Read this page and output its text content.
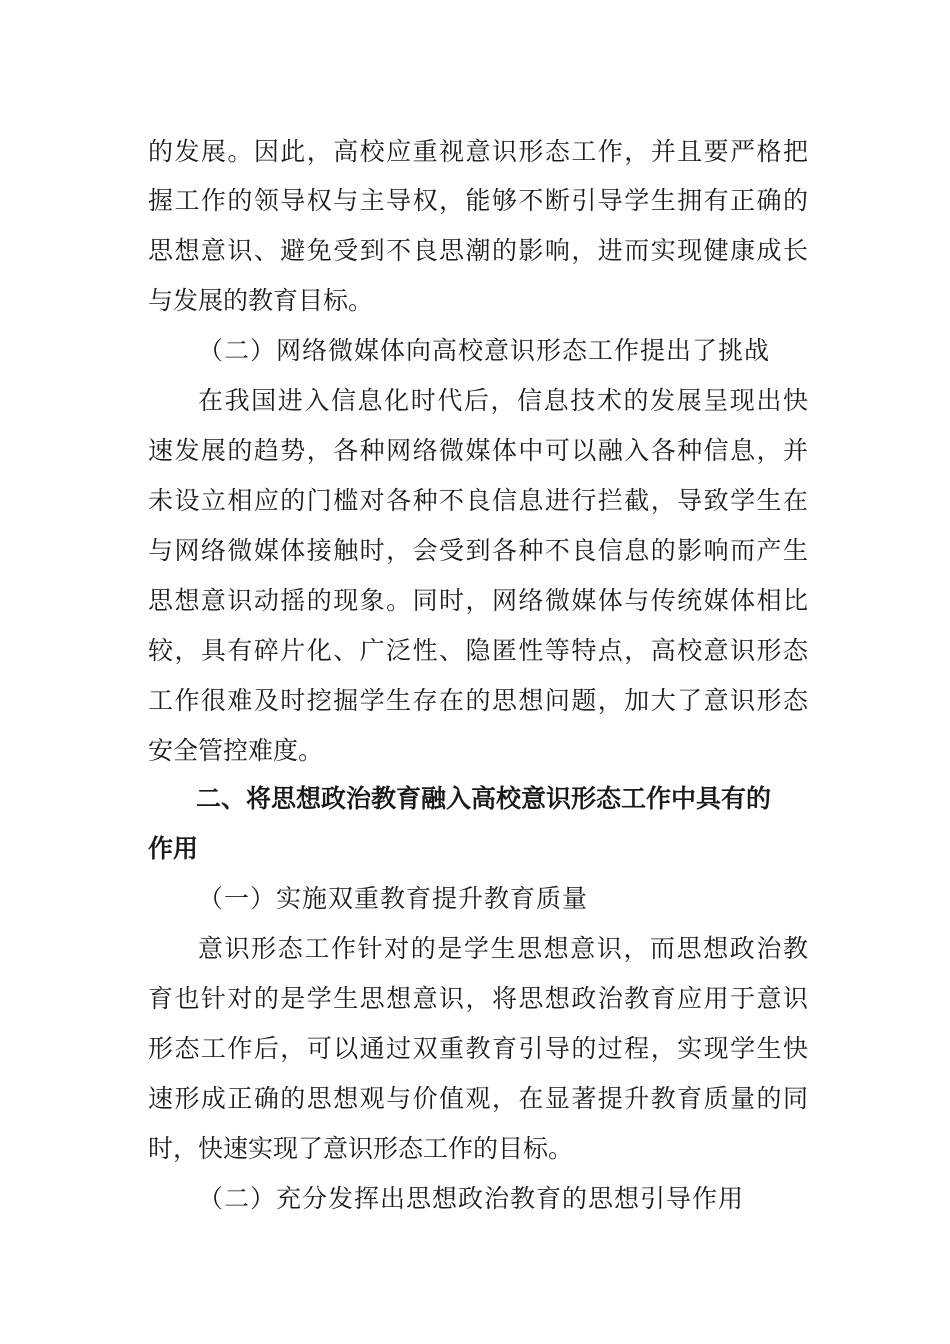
的发展。因此，高校应重视意识形态工作，并且要严格把
握工作的领导权与主导权，能够不断引导学生拥有正确的
思想意识、避免受到不良思潮的影响，进而实现健康成长
与发展的教育目标。
（二）网络微媒体向高校意识形态工作提出了挑战
在我国进入信息化时代后，信息技术的发展呈现出快
速发展的趋势，各种网络微媒体中可以融入各种信息，并
未设立相应的门槛对各种不良信息进行拦截，导致学生在
与网络微媒体接触时，会受到各种不良信息的影响而产生
思想意识动摇的现象。同时，网络微媒体与传统媒体相比
较，具有碎片化、广泛性、隐匿性等特点，高校意识形态
工作很难及时挖掘学生存在的思想问题，加大了意识形态
安全管控难度。
二、将思想政治教育融入高校意识形态工作中具有的
作用
（一）实施双重教育提升教育质量
意识形态工作针对的是学生思想意识，而思想政治教
育也针对的是学生思想意识，将思想政治教育应用于意识
形态工作后，可以通过双重教育引导的过程，实现学生快
速形成正确的思想观与价值观，在显著提升教育质量的同
时，快速实现了意识形态工作的目标。
（二）充分发挥出思想政治教育的思想引导作用
